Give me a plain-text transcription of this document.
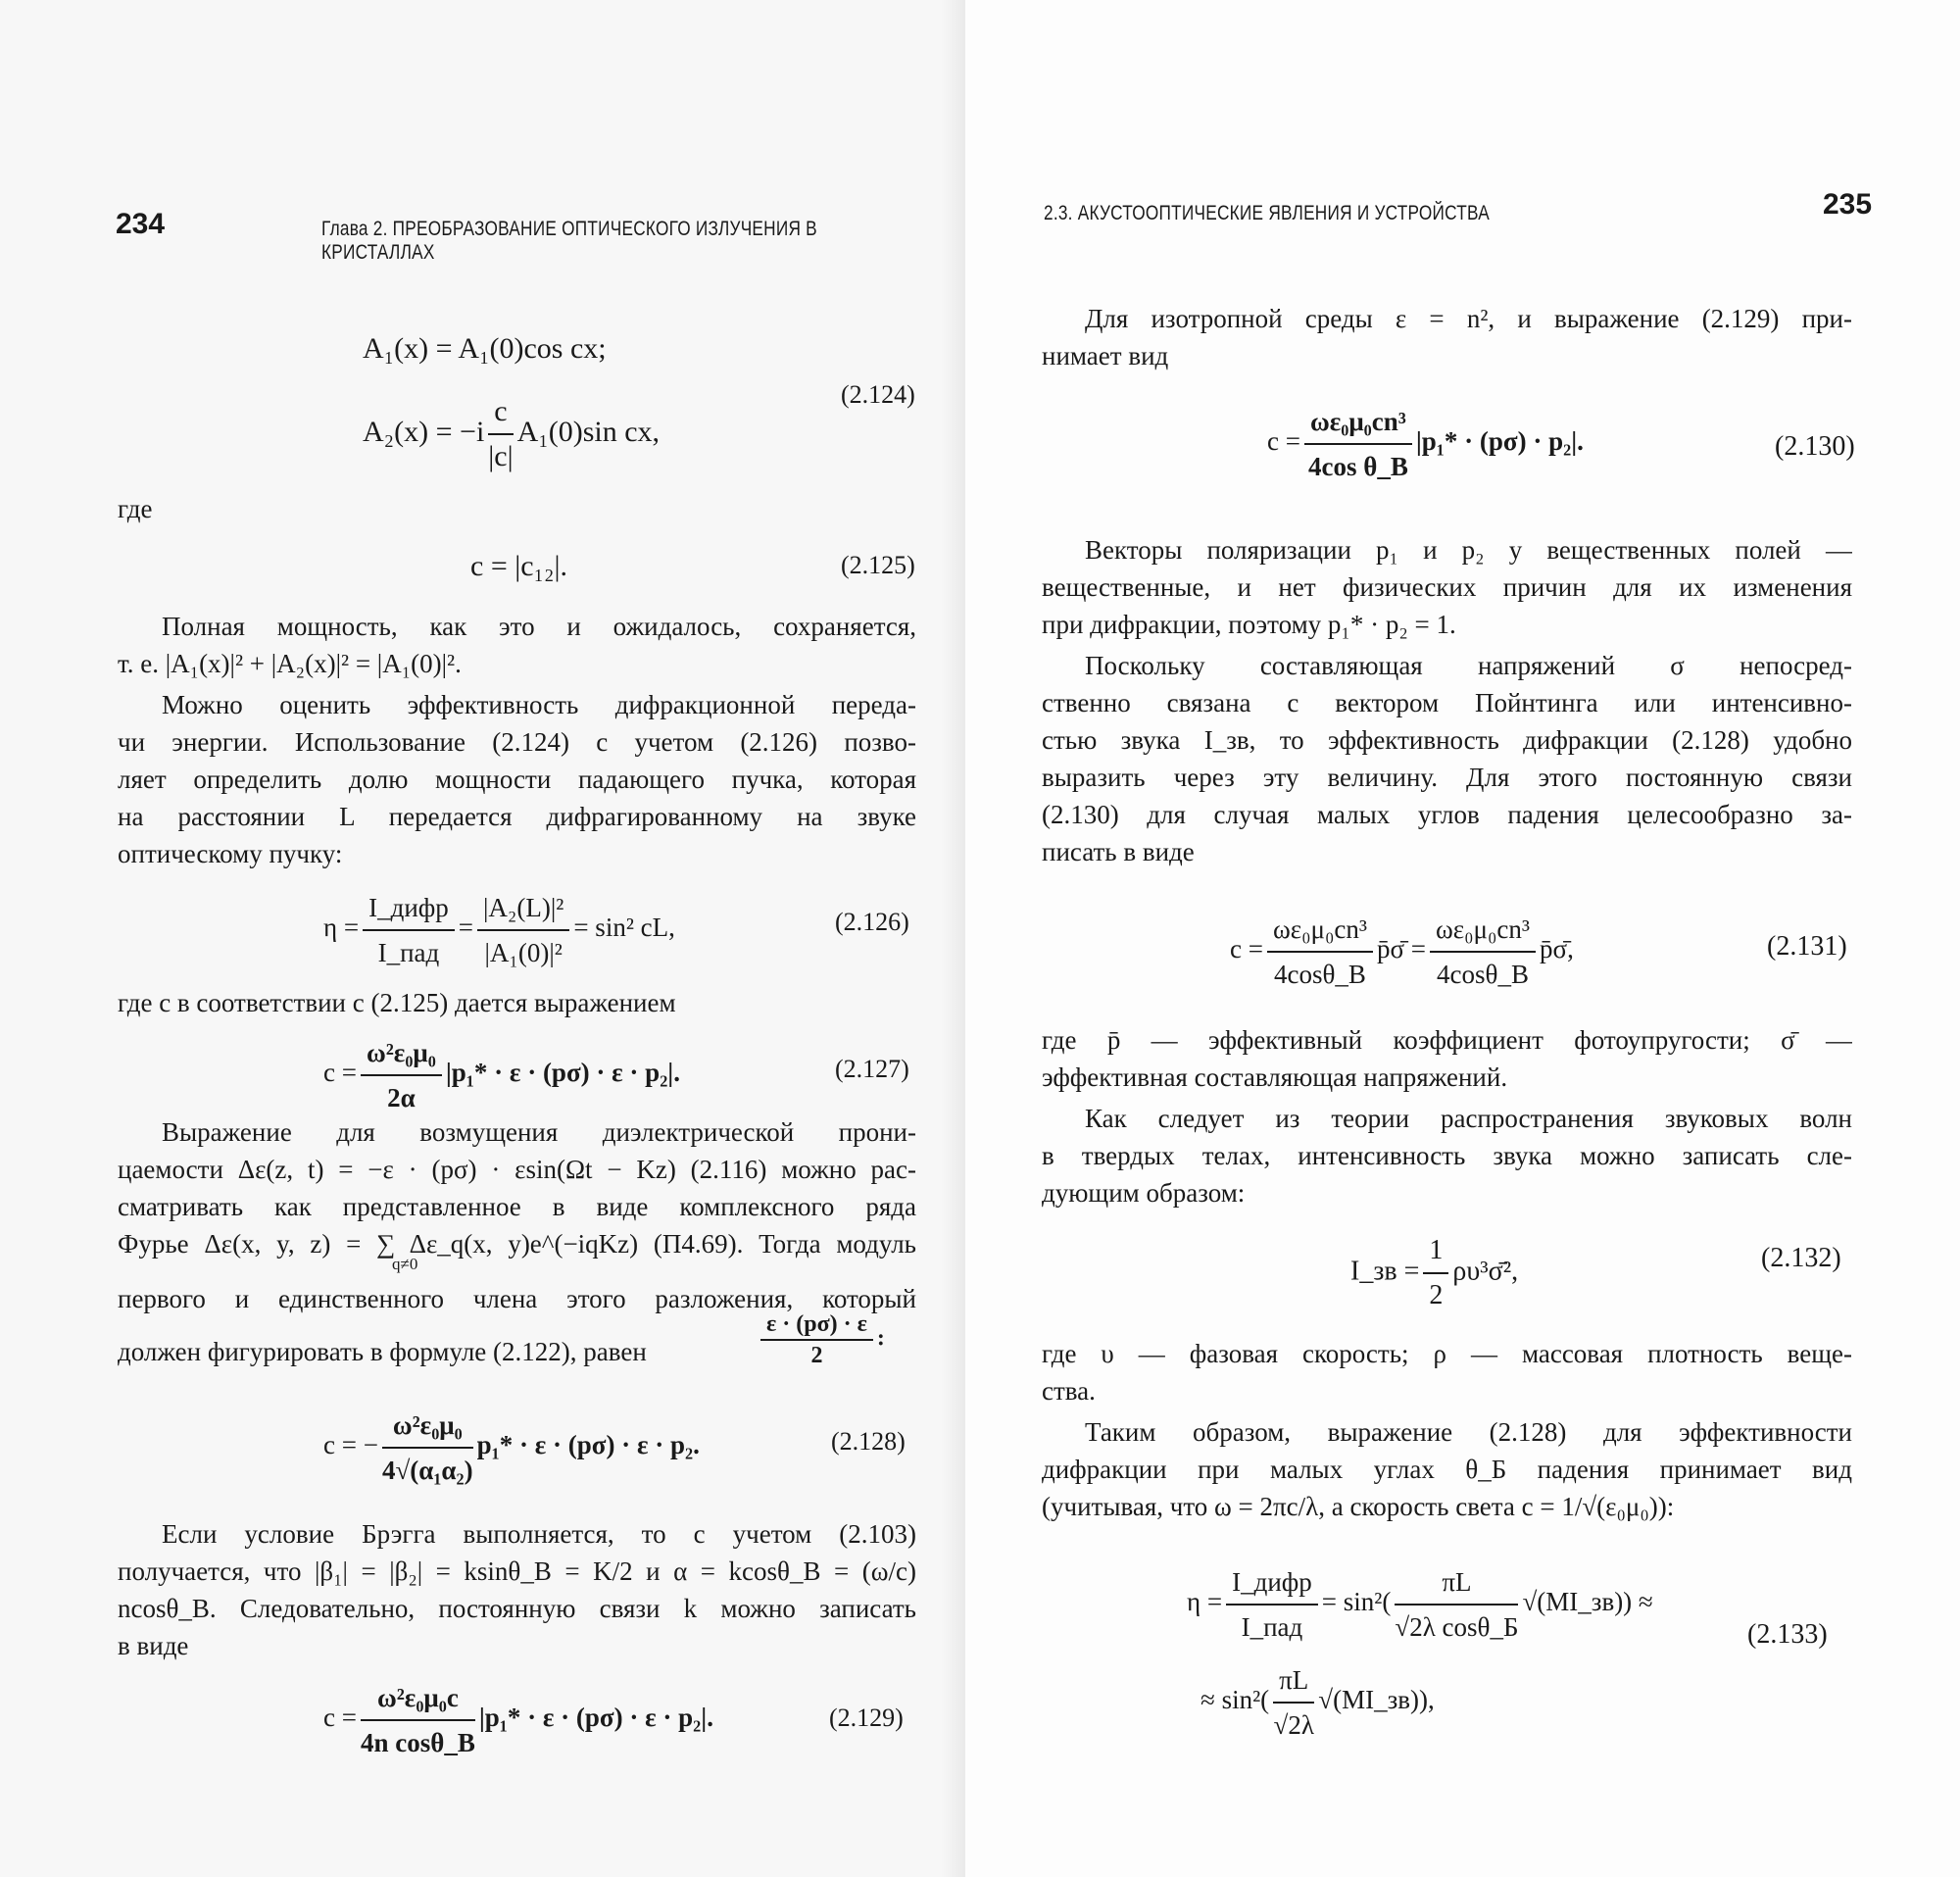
234	Глава 2. ПРЕОБРАЗОВАНИЕ ОПТИЧЕСКОГО ИЗЛУЧЕНИЯ В КРИСТАЛЛАХ
A₁(x) = A₁(0)cos cx;
$A_2(x) = -i \frac{c}{|c|} A_1(0)\sin$ cx,
(2.124)
где
c = |c₁₂|.	(2.125)
Полная мощность, как это и ожидалось, сохраняется,
т. е. |A₁(x)|² + |A₂(x)|² = |A₁(0)|².
Можно оценить эффективность дифракционной переда-
чи энергии. Использование (2.124) с учетом (2.126) позво-
ляет определить долю мощности падающего пучка, которая
на расстоянии L передается дифрагированному на звуке
оптическому пучку:
$\eta = \frac{\text{I\_дифр}}{\text{I\_пад}} = \frac{\text{|A₂(L)|²}}{\text{|A₁(0)|²}} = \sin^2$ cL,	(2.126)
где c в соответствии с (2.125) дается выражением
$c = \frac{\text{ω²ε₀μ₀}}{2\alpha} |p_1* \cdot \varepsilon \cdot (p\sigma) \cdot \varepsilon \cdot p_2|$.	(2.127)
Выражение для возмущения диэлектрической прони-
цаемости Δε(z, t) = −ε · (pσ) · εsin(Ωt − Kz) (2.116) можно рас-
сматривать как представленное в виде комплексного ряда
Фурье Δε(x, y, z) = ∑ Δε_q(x, y)e^(−iqKz) (П4.69). Тогда модуль
q≠0
первого и единственного члена этого разложения, который
должен фигурировать в формуле (2.122), равен	$\frac{\varepsilon \cdot (p\sigma) \cdot \varepsilon}{2}$ :
c = − $\frac{\text{ω²ε₀μ₀}}{\text{4√(α₁α₂)}} p_1* \cdot \varepsilon \cdot (p\sigma) \cdot \varepsilon \cdot p_2$.	(2.128)
Если условие Брэгга выполняется, то с учетом (2.103)
получается, что |β₁| = |β₂| = ksinθ_B = K/2 и α = kcosθ_B = (ω/c)
ncosθ_B. Следовательно, постоянную связи k можно записать
в виде
$c = \frac{\text{ω²ε₀μ₀c}}{\text{4n cosθ\_B}} |p_1* \cdot \varepsilon \cdot (p\sigma) \cdot \varepsilon \cdot p_2|$.	(2.129)
2.3. АКУСТООПТИЧЕСКИЕ ЯВЛЕНИЯ И УСТРОЙСТВА	235
Для изотропной среды ε = n², и выражение (2.129) при-
нимает вид
$c = \frac{\text{ωε₀μ₀cn³}}{\text{4cos θ\_B}} |p_1* \cdot (p\sigma) \cdot p_2|$.	(2.130)
Векторы поляризации p₁ и p₂ у вещественных полей —
вещественные, и нет физических причин для их изменения
при дифракции, поэтому p₁* · p₂ = 1.
Поскольку составляющая напряжений σ непосред-
ственно связана с вектором Пойнтинга или интенсивно-
стью звука I_зв, то эффективность дифракции (2.128) удобно
выразить через эту величину. Для этого постоянную связи
(2.130) для случая малых углов падения целесообразно за-
писать в виде
$c = \frac{\text{ωε₀μ₀cn³}}{4\cos\theta\_B}$ p̄σ̄ = $\frac{\text{ωε₀μ₀cn³}}{4\cos\theta\_B}$ p̄σ̄,	(2.131)
где p̄ — эффективный коэффициент фотоупругости; σ̄ —
эффективная составляющая напряжений.
Как следует из теории распространения звуковых волн
в твердых телах, интенсивность звука можно записать сле-
дующим образом:
I_зв = $\frac{1}{2}$ ρυ³σ̄²,	(2.132)
где υ — фазовая скорость; ρ — массовая плотность веще-
ства.
Таким образом, выражение (2.128) для эффективности
дифракции при малых углах θ_Б падения принимает вид
(учитывая, что ω = 2πc/λ, а скорость света c = 1/√(ε₀μ₀)):
$\eta = \frac{\text{I\_дифр}}{\text{I\_пад}} = \sin^2( \frac{\pi L}{\text{√2λ cosθ\_Б}}$ √(MI_зв)) ≈
(2.133)
≈ $\sin^2( \frac{\pi L}{√2\lambda}$ √(MI_зв)),
